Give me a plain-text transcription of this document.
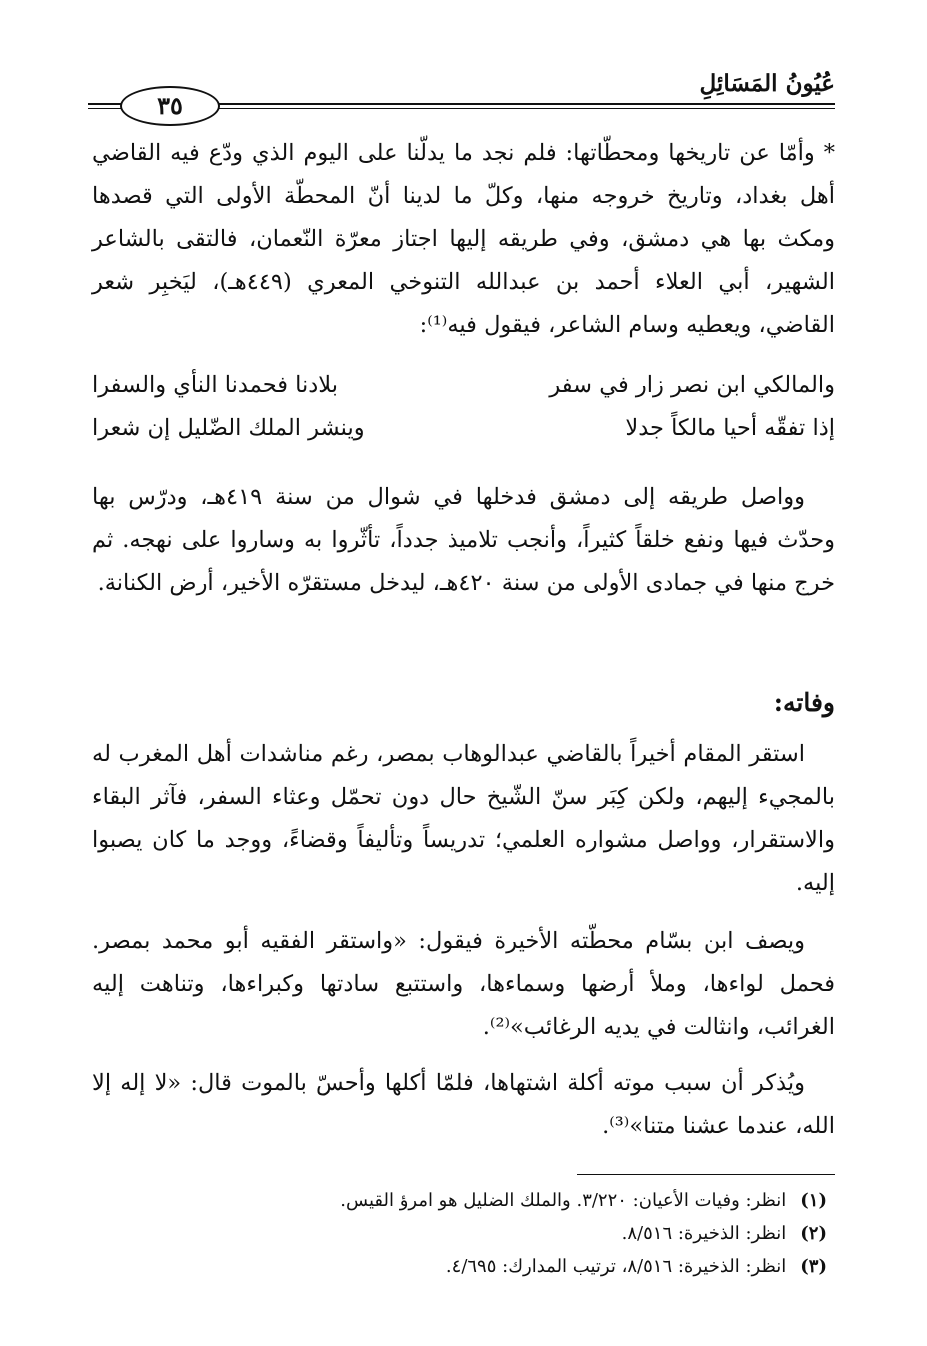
عُيُونُ المَسَائِلِ
٣٥

* وأمّا عن تاريخها ومحطّاتها: فلم نجد ما يدلّنا على اليوم الذي ودّع فيه القاضي أهل بغداد، وتاريخ خروجه منها، وكلّ ما لدينا أنّ المحطّة الأولى التي قصدها ومكث بها هي دمشق، وفي طريقه إليها اجتاز معرّة النّعمان، فالتقى بالشاعر الشهير، أبي العلاء أحمد بن عبدالله التنوخي المعري (٤٤٩هـ)، ليَخبِر شعر القاضي، ويعطيه وسام الشاعر، فيقول فيه⁽¹⁾:

والمالكي ابن نصر زار في سفر
بلادنا فحمدنا النأي والسفرا
إذا تفقّه أحيا مالكاً جدلا
وينشر الملك الضّليل إن شعرا

وواصل طريقه إلى دمشق فدخلها في شوال من سنة ٤١٩هـ، ودرّس بها وحدّث فيها ونفع خلقاً كثيراً، وأنجب تلاميذ جدداً، تأثّروا به وساروا على نهجه. ثم خرج منها في جمادى الأولى من سنة ٤٢٠هـ، ليدخل مستقرّه الأخير، أرض الكنانة.

وفاته:

استقر المقام أخيراً بالقاضي عبدالوهاب بمصر، رغم مناشدات أهل المغرب له بالمجيء إليهم، ولكن كِبَر سنّ الشّيخ حال دون تحمّل وعثاء السفر، فآثر البقاء والاستقرار، وواصل مشواره العلمي؛ تدريساً وتأليفاً وقضاءً، ووجد ما كان يصبوا إليه.

ويصف ابن بسّام محطّته الأخيرة فيقول: «واستقر الفقيه أبو محمد بمصر. فحمل لواءها، وملأ أرضها وسماءها، واستتبع سادتها وكبراءها، وتناهت إليه الغرائب، وانثالت في يديه الرغائب»⁽²⁾.

ويُذكر أن سبب موته أكلة اشتهاها، فلمّا أكلها وأحسّ بالموت قال: «لا إله إلا الله، عندما عشنا متنا»⁽³⁾.

(١)انظر: وفيات الأعيان: ٣/٢٢٠. والملك الضليل هو امرؤ القيس.
(٢)انظر: الذخيرة: ٨/٥١٦.
(٣)انظر: الذخيرة: ٨/٥١٦، ترتيب المدارك: ٤/٦٩٥.
